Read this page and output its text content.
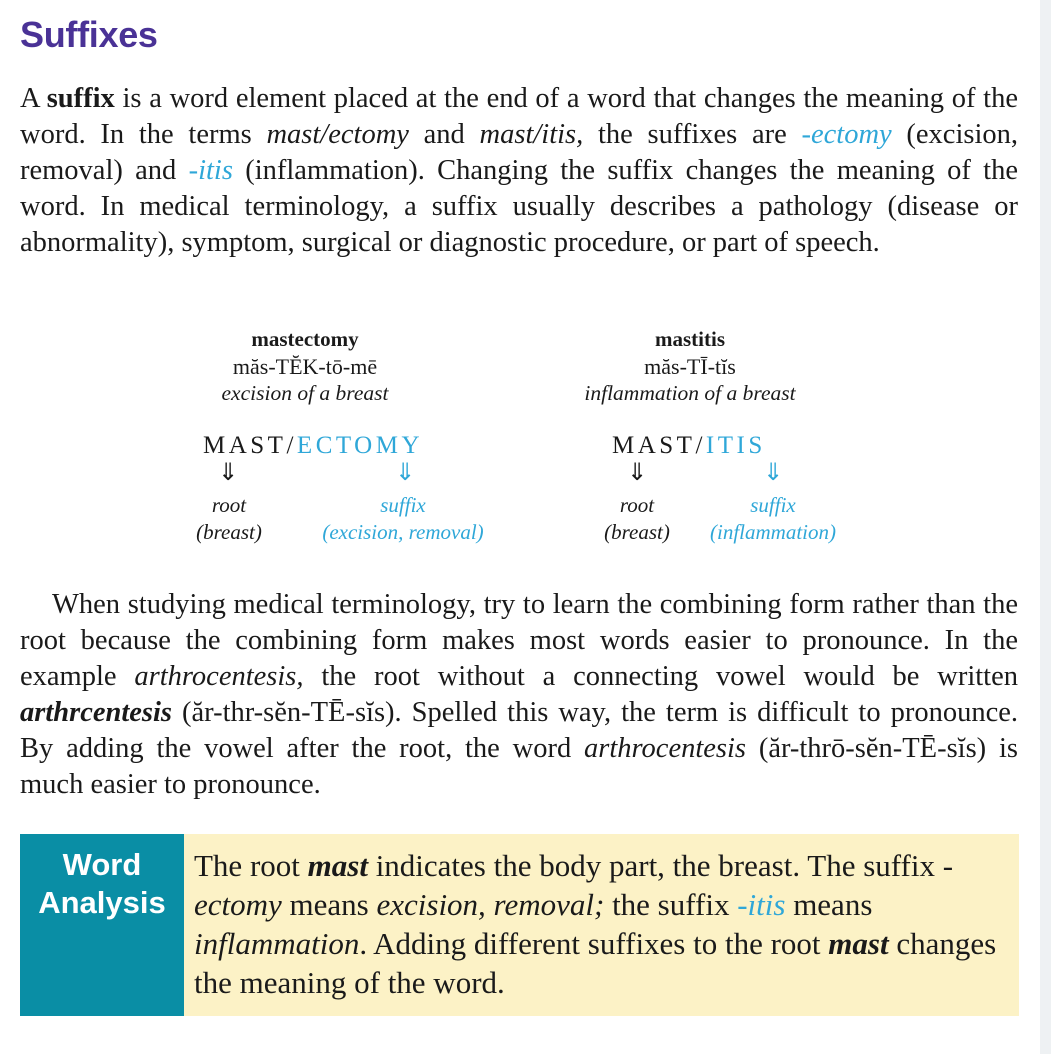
Suffixes

A suffix is a word element placed at the end of a word that changes the meaning of the word. In the terms mast/ectomy and mast/itis, the suffixes are -ectomy (excision, removal) and -itis (inflammation). Changing the suffix changes the meaning of the word. In medical terminology, a suffix usually describes a pathology (disease or abnormality), symptom, surgical or diagnostic procedure, or part of speech.

mastectomy
măs-TĔK-tō-mē
excision of a breast
MAST/ECTOMY
⇓	⇓
root
(breast)
suffix
(excision, removal)
mastitis
măs-TĪ-tĭs
inflammation of a breast
MAST/ITIS
⇓	⇓
root
(breast)
suffix
(inflammation)

When studying medical terminology, try to learn the combining form rather than the root because the combining form makes most words easier to pronounce. In the example arthrocentesis, the root without a connecting vowel would be written arthrcentesis (ăr-thr-sĕn-TĒ-sĭs). Spelled this way, the term is difficult to pronounce. By adding the vowel after the root, the word arthrocentesis (ăr-thrō-sĕn-TĒ-sĭs) is much easier to pronounce.

Word
Analysis
The root mast indicates the body part, the breast. The suffix -ectomy means excision, removal; the suffix -itis means inflammation. Adding different suffixes to the root mast changes the meaning of the word.
